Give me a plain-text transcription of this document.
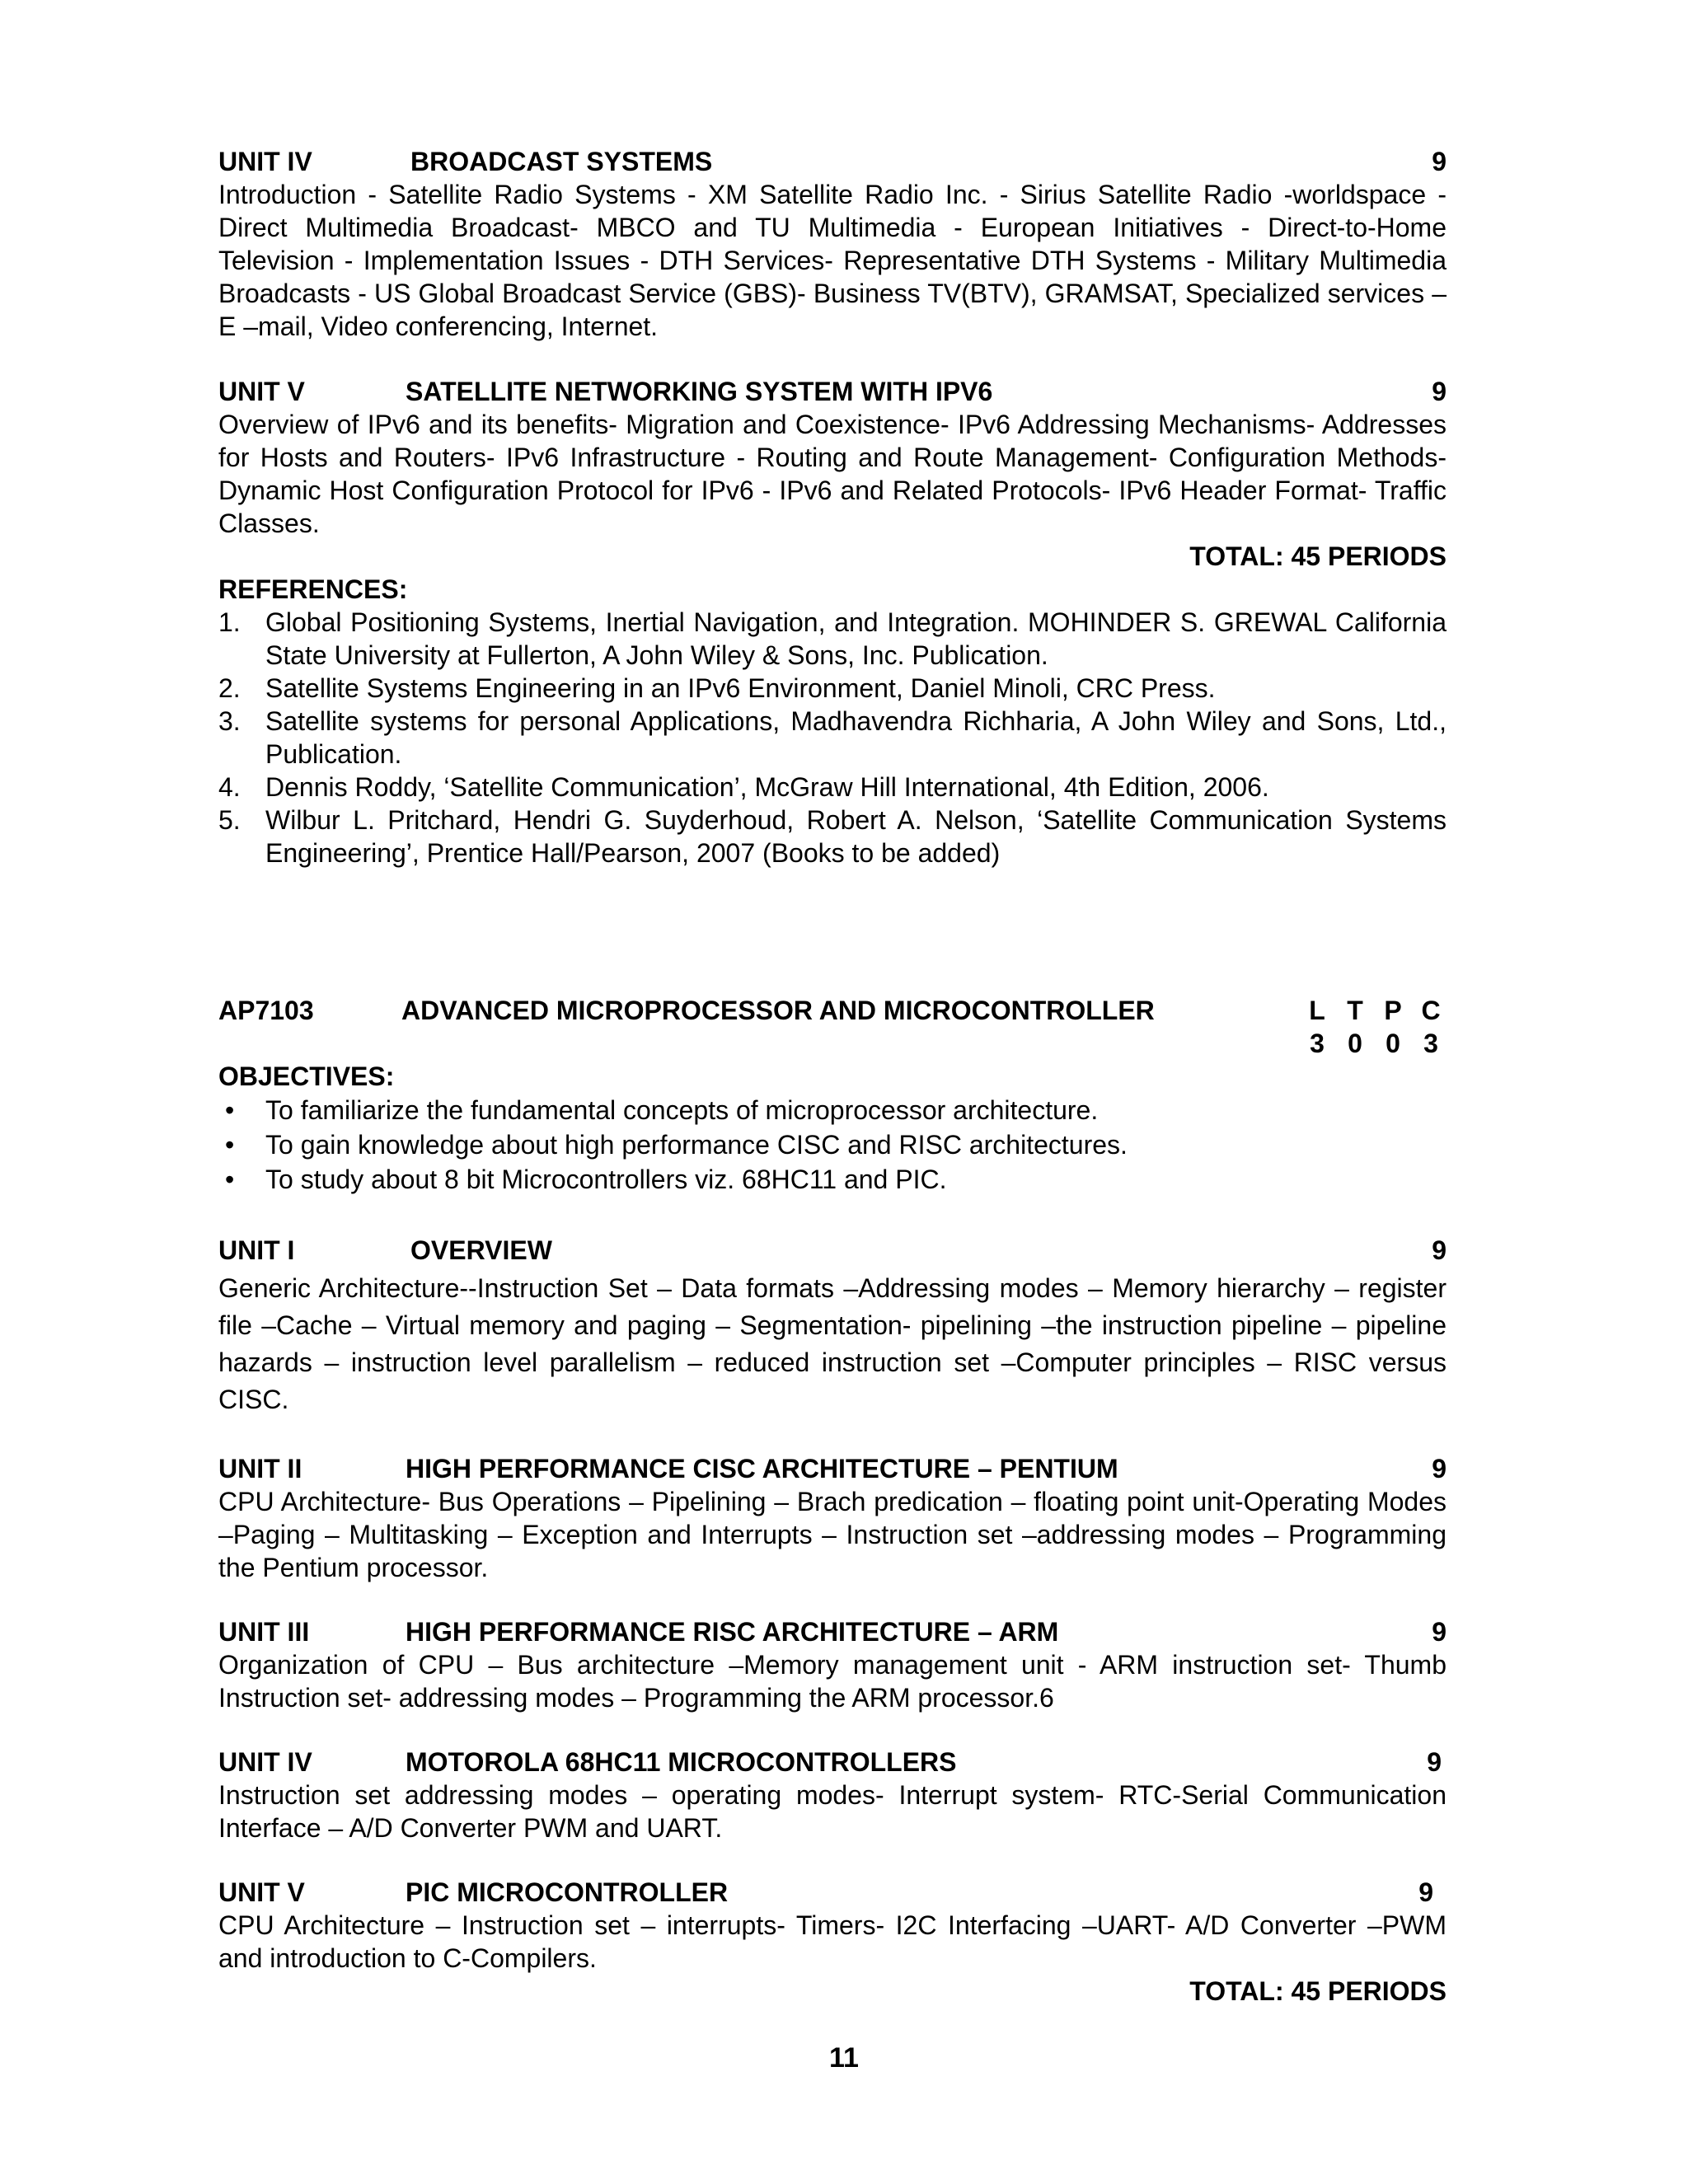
UNIT IV	BROADCAST SYSTEMS	9

Introduction - Satellite Radio Systems - XM Satellite Radio Inc. - Sirius Satellite Radio -worldspace - Direct Multimedia Broadcast- MBCO and TU Multimedia - European Initiatives - Direct-to-Home Television - Implementation Issues - DTH Services- Representative DTH Systems - Military Multimedia Broadcasts - US Global Broadcast Service (GBS)- Business TV(BTV), GRAMSAT, Specialized services – E –mail, Video conferencing, Internet.

UNIT V	SATELLITE NETWORKING SYSTEM WITH IPV6	9

Overview of IPv6 and its benefits- Migration and Coexistence- IPv6 Addressing Mechanisms- Addresses for Hosts and Routers- IPv6 Infrastructure - Routing and Route Management- Configuration Methods- Dynamic Host Configuration Protocol for IPv6 - IPv6 and Related Protocols- IPv6 Header Format- Traffic Classes.

TOTAL: 45 PERIODS
REFERENCES:
1. Global Positioning Systems, Inertial Navigation, and Integration. MOHINDER S. GREWAL California State University at Fullerton, A John Wiley & Sons, Inc. Publication.
2. Satellite Systems Engineering in an IPv6 Environment, Daniel Minoli, CRC Press.
3. Satellite systems for personal Applications, Madhavendra Richharia, A John Wiley and Sons, Ltd., Publication.
4. Dennis Roddy, ‘Satellite Communication’, McGraw Hill International, 4th Edition, 2006.
5. Wilbur L. Pritchard, Hendri G. Suyderhoud, Robert A. Nelson, ‘Satellite Communication Systems Engineering’, Prentice Hall/Pearson, 2007 (Books to be added)
AP7103	ADVANCED MICROPROCESSOR AND MICROCONTROLLER	L T P C
3 0 0 3
OBJECTIVES:
• To familiarize the fundamental concepts of microprocessor architecture.
• To gain knowledge about high performance CISC and RISC architectures.
• To study about 8 bit Microcontrollers viz. 68HC11 and PIC.
UNIT I	OVERVIEW	9

Generic Architecture--Instruction Set – Data formats –Addressing modes – Memory hierarchy – register file –Cache – Virtual memory and paging – Segmentation- pipelining –the instruction pipeline – pipeline hazards – instruction level parallelism – reduced instruction set –Computer principles – RISC versus CISC.

UNIT II	HIGH PERFORMANCE CISC ARCHITECTURE – PENTIUM	9

CPU Architecture- Bus Operations – Pipelining – Brach predication – floating point unit-Operating Modes –Paging – Multitasking – Exception and Interrupts – Instruction set –addressing modes – Programming the Pentium processor.

UNIT III	HIGH PERFORMANCE RISC ARCHITECTURE – ARM	9

Organization of CPU – Bus architecture –Memory management unit - ARM instruction set- Thumb Instruction set- addressing modes – Programming the ARM processor.6

UNIT IV	MOTOROLA 68HC11 MICROCONTROLLERS	9

Instruction set addressing modes – operating modes- Interrupt system- RTC-Serial Communication Interface – A/D Converter PWM and UART.

UNIT V	PIC MICROCONTROLLER	9

CPU Architecture – Instruction set – interrupts- Timers- I2C Interfacing –UART- A/D Converter –PWM and introduction to C-Compilers.

TOTAL: 45 PERIODS
11
